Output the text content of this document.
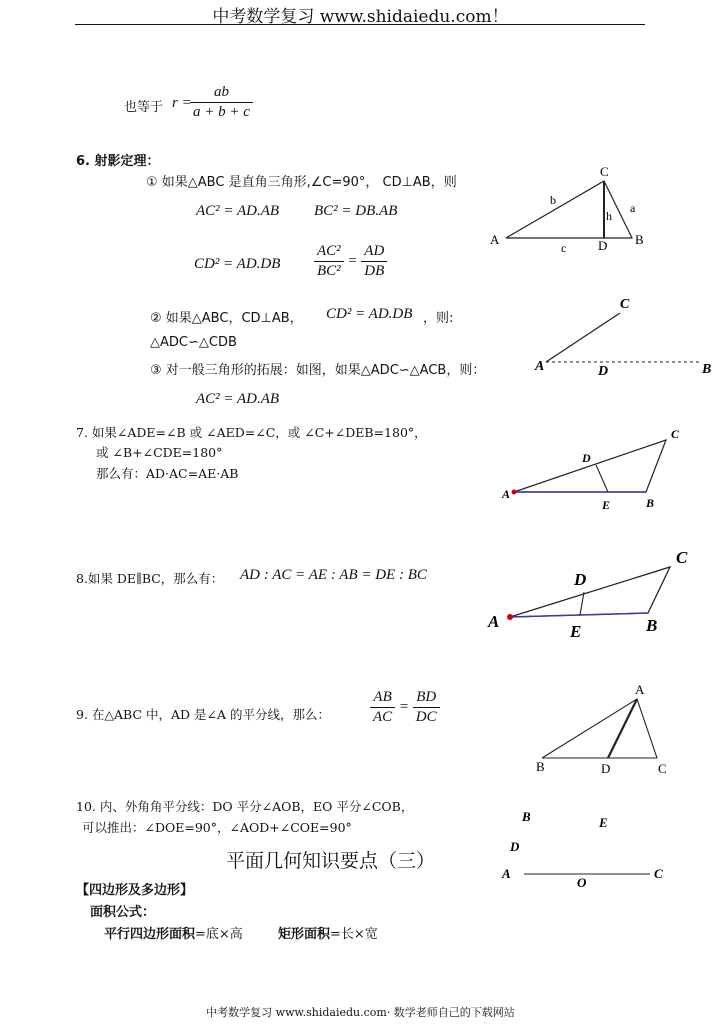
中考数学复习 www.shidaiedu.com！
中考数学复习 www.shidaiedu.com· 数学老师自己的下载网站
也等于 r =
$\frac{ab}{a + b + c}$
6. 射影定理：
① 如果△ABC 是直角三角形,∠C=90°， CD⊥AB，则
AC² = AD.AB BC² = DB.AB
$CD^2 = AD.DB \frac{\text{AC²}}{\text{BC²}} = \frac{AD}{DB}$
② 如果△ABC，CD⊥AB， CD² = AD.DB ，则:
△ADC∽△CDB
③ 对一般三角形的拓展：如图，如果△ADC∽△ACB，则：
AC² = AD.AB
C
A	B
D
a
b
c
h
C
A	D	B
7. 如果∠ADE=∠B 或 ∠AED=∠C，或 ∠C+∠DEB=180°，
或 ∠B+∠CDE=180°
那么有：AD·AC=AE·AB
C
D
A
E	B
8.如果 DE∥BC，那么有： AD : AC = AE : AB = DE : BC
C
D
A
E	B
9. 在△ABC 中，AD 是∠A 的平分线，那么：	$\frac{AB}{AC} = \frac{BD}{DC}$	A
B	D	C
10. 内、外角角平分线：DO 平分∠AOB，EO 平分∠COB，
可以推出：∠DOE=90°，∠AOD+∠COE=90°
B	E
D
A
O
C
平面几何知识要点（三）
【四边形及多边形】
面积公式：
平行四边形面积=底×高	矩形面积=长×宽
